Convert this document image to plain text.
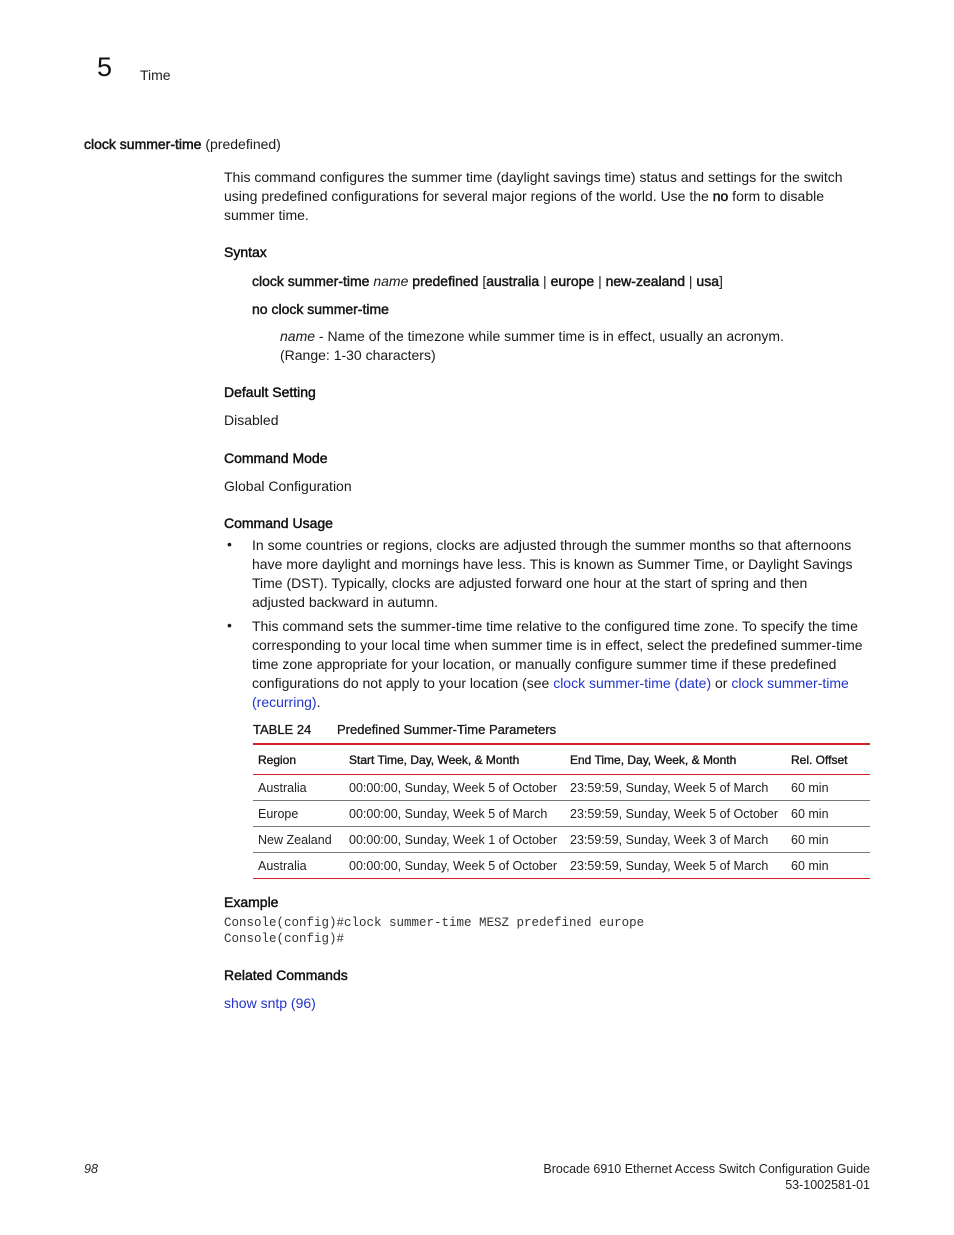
5 Time
clock summer-time (predefined)
This command configures the summer time (daylight savings time) status and settings for the switch using predefined configurations for several major regions of the world. Use the no form to disable summer time.
Syntax
clock summer-time name predefined [australia | europe | new-zealand | usa]
no clock summer-time
name - Name of the timezone while summer time is in effect, usually an acronym.
(Range: 1-30 characters)
Default Setting
Disabled
Command Mode
Global Configuration
Command Usage
• In some countries or regions, clocks are adjusted through the summer months so that afternoons have more daylight and mornings have less. This is known as Summer Time, or Daylight Savings Time (DST). Typically, clocks are adjusted forward one hour at the start of spring and then adjusted backward in autumn.
• This command sets the summer-time time relative to the configured time zone. To specify the time corresponding to your local time when summer time is in effect, select the predefined summer-time time zone appropriate for your location, or manually configure summer time if these predefined configurations do not apply to your location (see clock summer-time (date) or clock summer-time (recurring).
TABLE 24 Predefined Summer-Time Parameters
Region	Start Time, Day, Week, & Month	End Time, Day, Week, & Month	Rel. Offset
Australia	00:00:00, Sunday, Week 5 of October	23:59:59, Sunday, Week 5 of March	60 min
Europe	00:00:00, Sunday, Week 5 of March	23:59:59, Sunday, Week 5 of October	60 min
New Zealand	00:00:00, Sunday, Week 1 of October	23:59:59, Sunday, Week 3 of March	60 min
Australia	00:00:00, Sunday, Week 5 of October	23:59:59, Sunday, Week 5 of March	60 min
Example
Console(config)#clock summer-time MESZ predefined europe
Console(config)#
Related Commands
show sntp (96)
98	Brocade 6910 Ethernet Access Switch Configuration Guide
53-1002581-01
